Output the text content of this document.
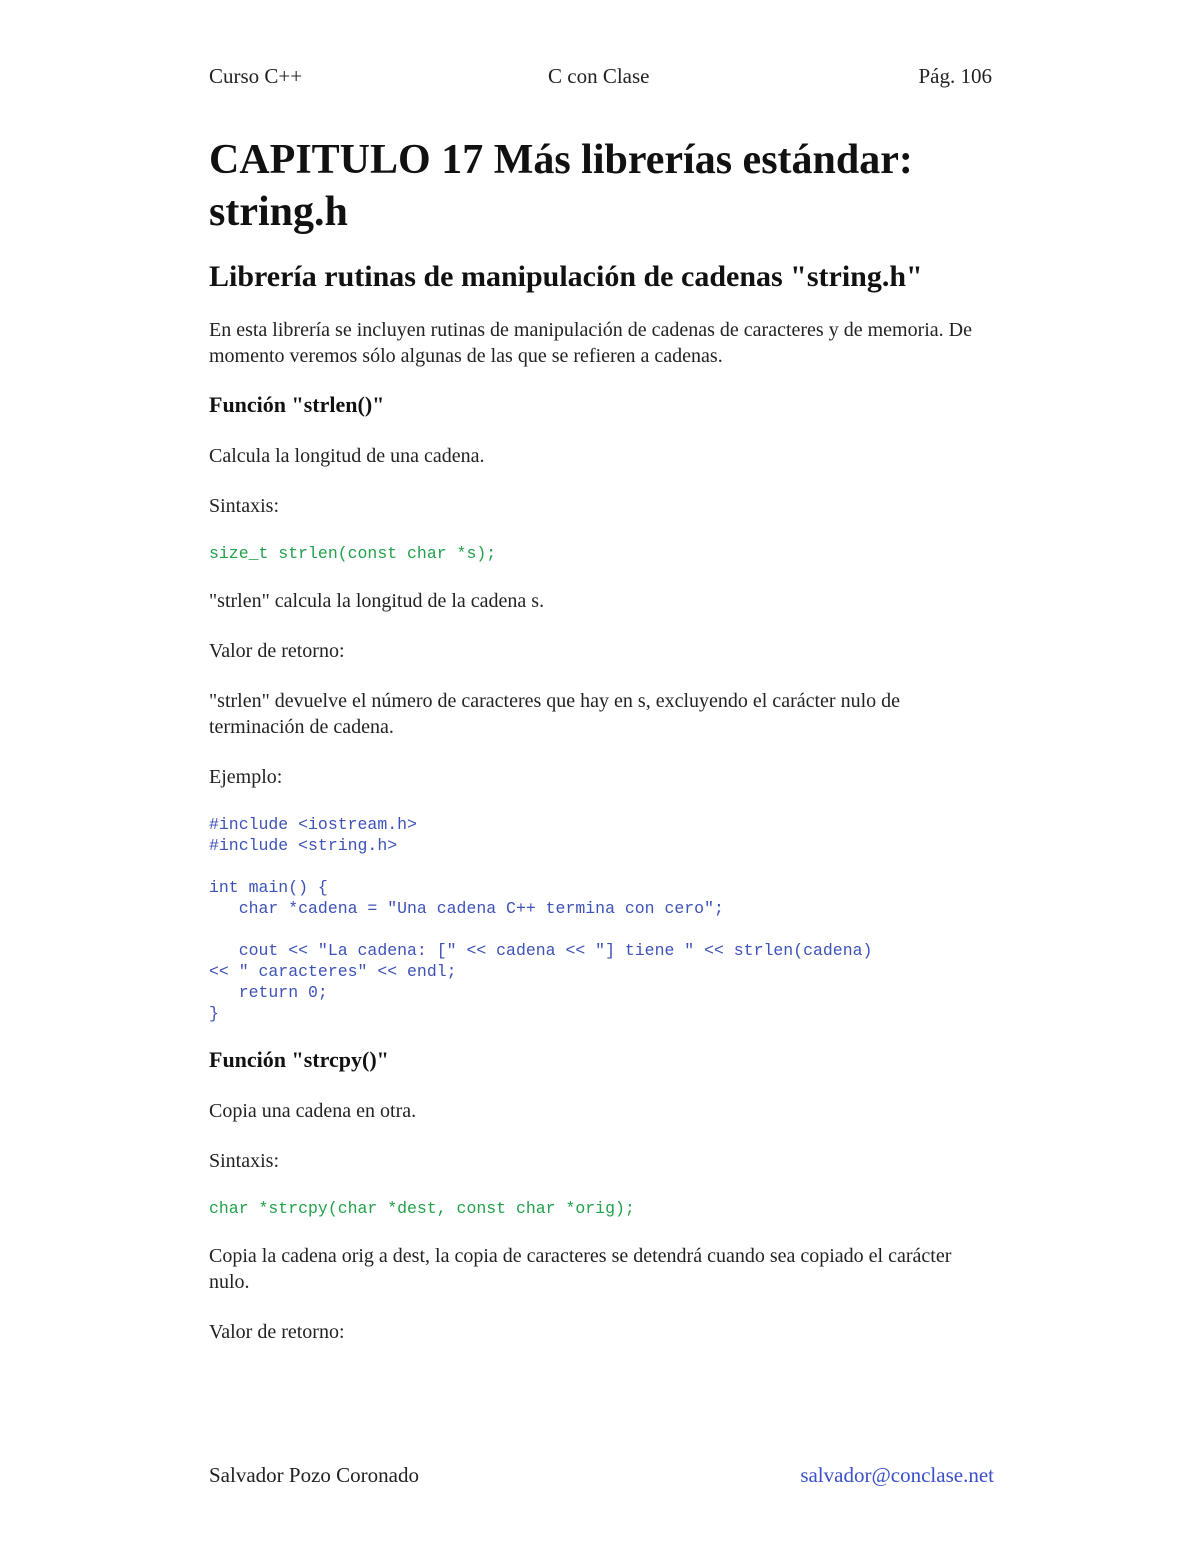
Curso C++	C con Clase	Pág. 106
CAPITULO 17 Más librerías estándar: string.h
Librería rutinas de manipulación de cadenas "string.h"

En esta librería se incluyen rutinas de manipulación de cadenas de caracteres y de memoria. De momento veremos sólo algunas de las que se refieren a cadenas.

Función "strlen()"

Calcula la longitud de una cadena.

Sintaxis:

size_t strlen(const char *s);

"strlen" calcula la longitud de la cadena s.

Valor de retorno:

"strlen" devuelve el número de caracteres que hay en s, excluyendo el carácter nulo de terminación de cadena.

Ejemplo:

#include <iostream.h>
#include <string.h>

int main() {
char *cadena = "Una cadena C++ termina con cero";

cout << "La cadena: [" << cadena << "] tiene " << strlen(cadena)
<< " caracteres" << endl;
return 0;
}
Función "strcpy()"

Copia una cadena en otra.

Sintaxis:

char *strcpy(char *dest, const char *orig);

Copia la cadena orig a dest, la copia de caracteres se detendrá cuando sea copiado el carácter nulo.

Valor de retorno:

Salvador Pozo Coronado	salvador@conclase.net
